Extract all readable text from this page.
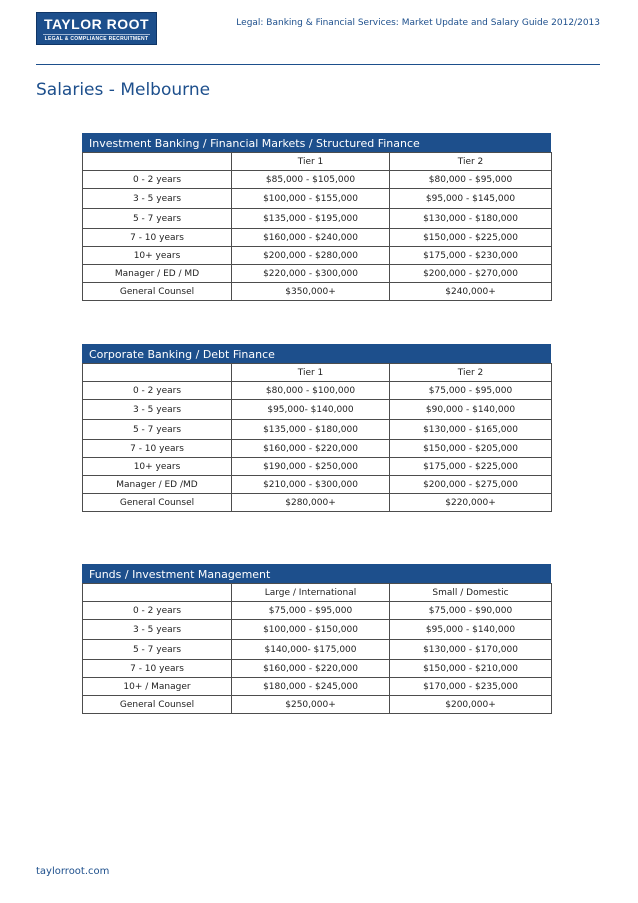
TAYLOR ROOT
LEGAL & COMPLIANCE RECRUITMENT
Legal: Banking & Financial Services: Market Update and Salary Guide 2012/2013
Salaries - Melbourne
Investment Banking / Financial Markets / Structured Finance
	Tier 1	Tier 2
0 - 2 years	$85,000 - $105,000	$80,000 - $95,000
3 - 5 years	$100,000 - $155,000	$95,000 - $145,000
5 - 7 years	$135,000 - $195,000	$130,000 - $180,000
7 - 10 years	$160,000 - $240,000	$150,000 - $225,000
10+ years	$200,000 - $280,000	$175,000 - $230,000
Manager / ED / MD	$220,000 - $300,000	$200,000 - $270,000
General Counsel	$350,000+	$240,000+
Corporate Banking / Debt Finance
	Tier 1	Tier 2
0 - 2 years	$80,000 - $100,000	$75,000 - $95,000
3 - 5 years	$95,000- $140,000	$90,000 - $140,000
5 - 7 years	$135,000 - $180,000	$130,000 - $165,000
7 - 10 years	$160,000 - $220,000	$150,000 - $205,000
10+ years	$190,000 - $250,000	$175,000 - $225,000
Manager / ED /MD	$210,000 - $300,000	$200,000 - $275,000
General Counsel	$280,000+	$220,000+
Funds / Investment Management
	Large / International	Small / Domestic
0 - 2 years	$75,000 - $95,000	$75,000 - $90,000
3 - 5 years	$100,000 - $150,000	$95,000 - $140,000
5 - 7 years	$140,000- $175,000	$130,000 - $170,000
7 - 10 years	$160,000 - $220,000	$150,000 - $210,000
10+ / Manager	$180,000 - $245,000	$170,000 - $235,000
General Counsel	$250,000+	$200,000+
taylorroot.com
